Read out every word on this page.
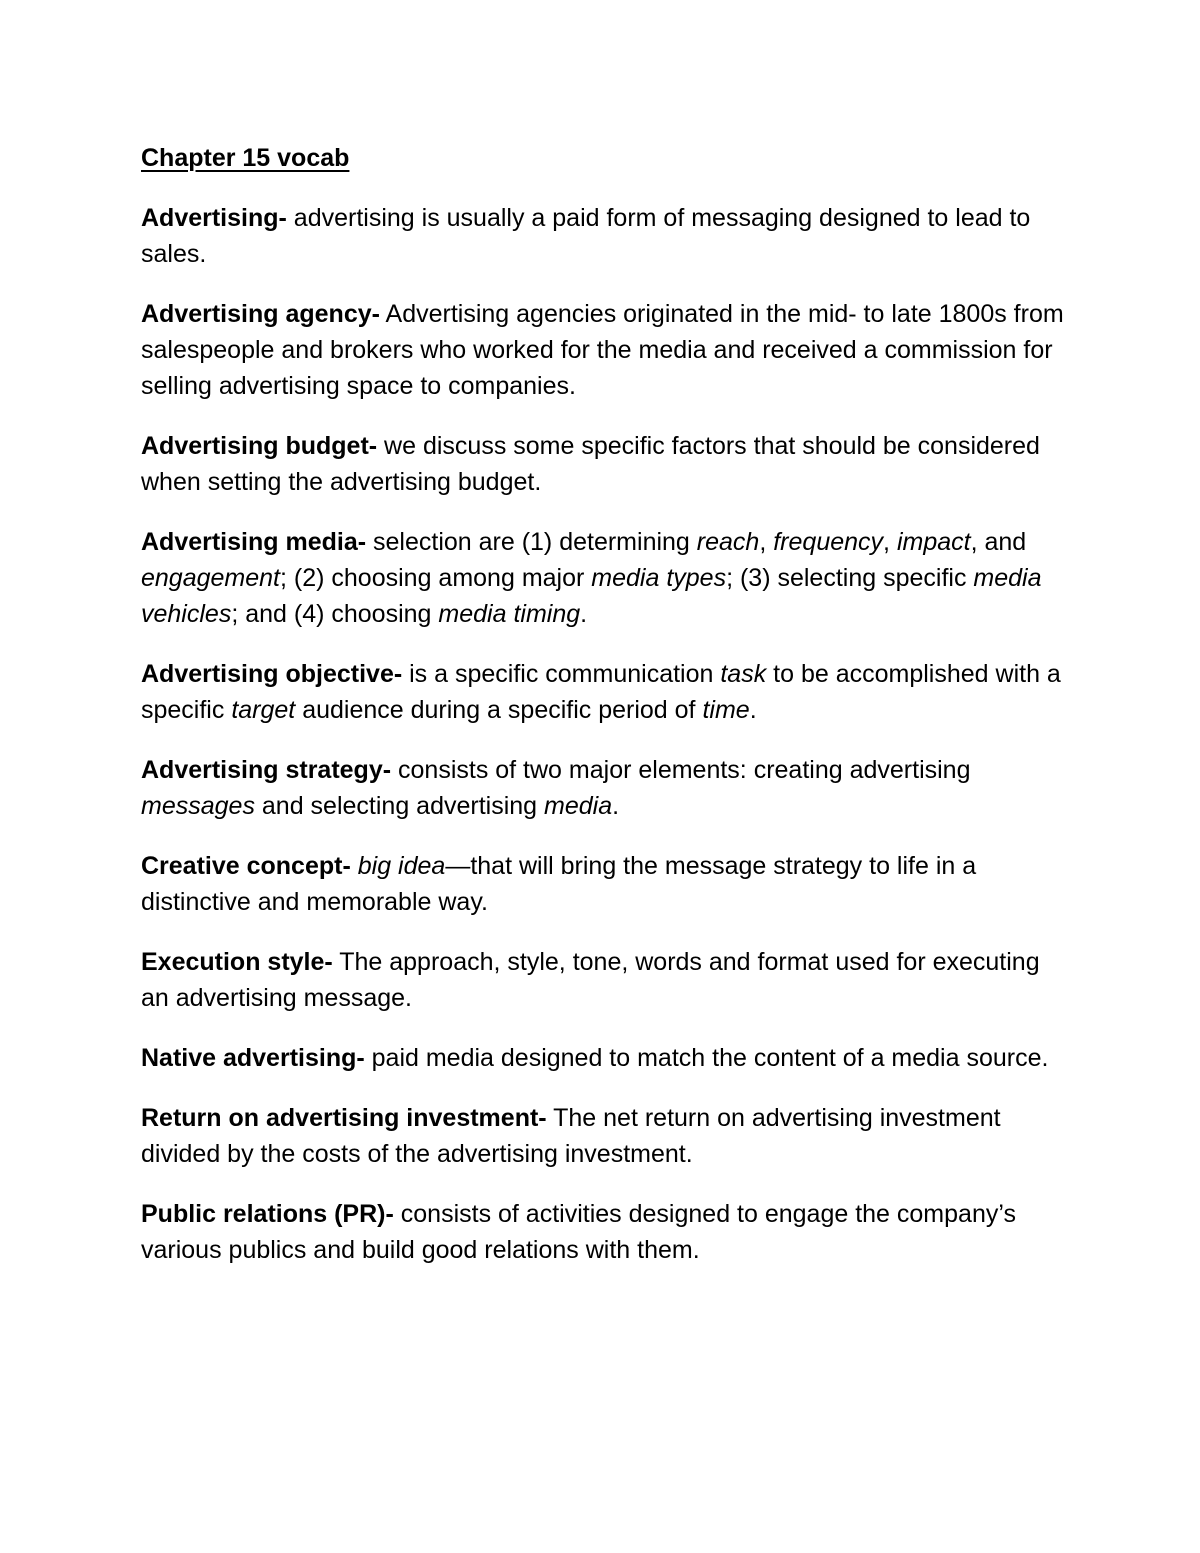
Chapter 15 vocab
Advertising- advertising is usually a paid form of messaging designed to lead to sales.
Advertising agency- Advertising agencies originated in the mid- to late 1800s from salespeople and brokers who worked for the media and received a commission for selling advertising space to companies.
Advertising budget- we discuss some specific factors that should be considered when setting the advertising budget.
Advertising media- selection are (1) determining reach, frequency, impact, and engagement; (2) choosing among major media types; (3) selecting specific media vehicles; and (4) choosing media timing.
Advertising objective- is a specific communication task to be accomplished with a specific target audience during a specific period of time.
Advertising strategy- consists of two major elements: creating advertising messages and selecting advertising media.
Creative concept- big idea—that will bring the message strategy to life in a distinctive and memorable way.
Execution style- The approach, style, tone, words and format used for executing an advertising message.
Native advertising- paid media designed to match the content of a media source.
Return on advertising investment- The net return on advertising investment divided by the costs of the advertising investment.
Public relations (PR)- consists of activities designed to engage the company’s various publics and build good relations with them.
